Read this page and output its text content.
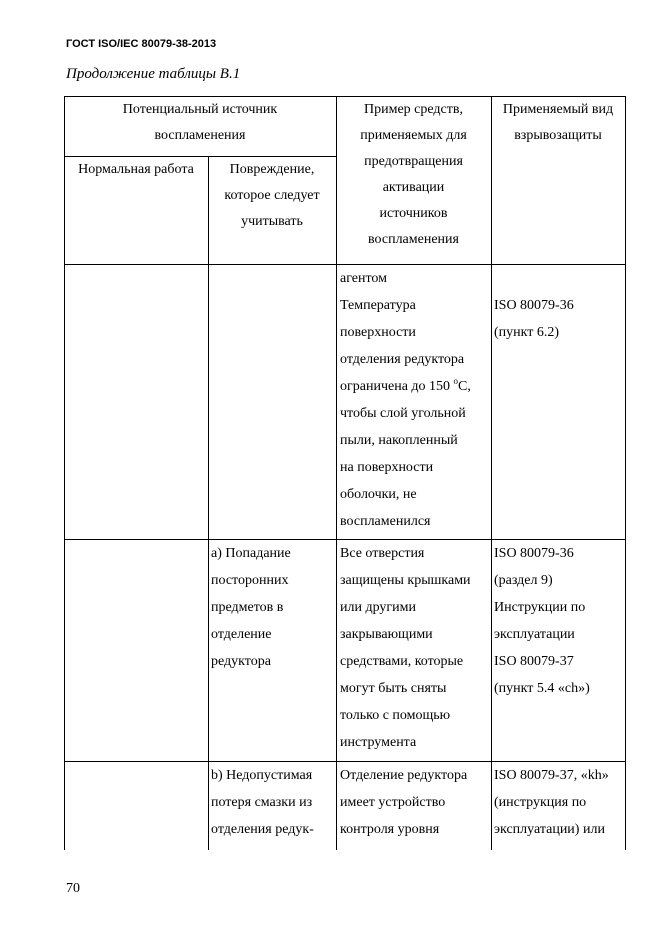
ГОСТ ISO/IEC 80079-38-2013
Продолжение таблицы В.1
Потенциальный источник
воспламенения
Нормальная работа	Повреждение,
которое следует
учитывать
Пример средств,
применяемых для
предотвращения
активации
источников
воспламенения
Применяемый вид
взрывозащиты
агентом
Температура
поверхности
отделения редуктора
ограничена до 150 $^о$С,
чтобы слой угольной
пыли, накопленный
на поверхности
оболочки, не
воспламенился

ISO 80079-36
(пункт 6.2)
а) Попадание
посторонних
предметов в
отделение
редуктора
Все отверстия
защищены крышками
или другими
закрывающими
средствами, которые
могут быть сняты
только с помощью
инструмента
ISO 80079-36
(раздел 9)
Инструкции по
эксплуатации
ISO 80079-37
(пункт 5.4 «ch»)
b) Недопустимая
потеря смазки из
отделения редук-
Отделение редуктора
имеет устройство
контроля уровня
ISO 80079-37, «kh»
(инструкция по
эксплуатации) или
70
